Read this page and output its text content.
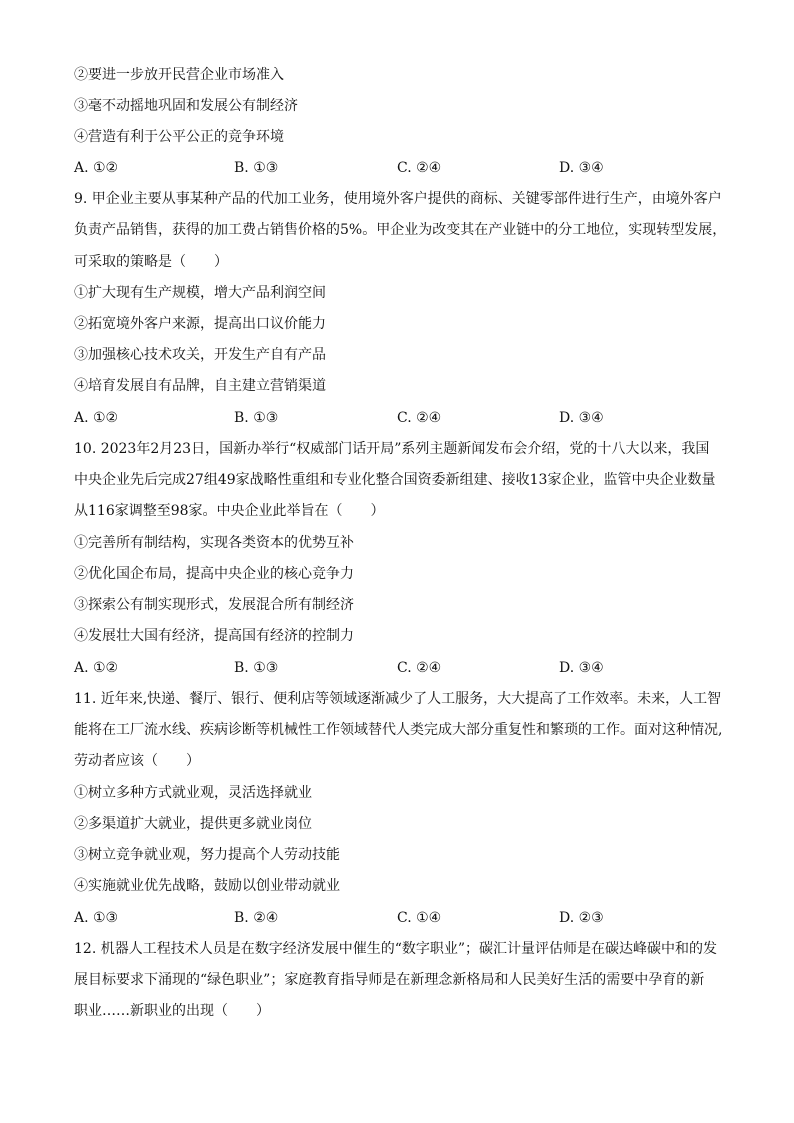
②要进一步放开民营企业市场准入
③毫不动摇地巩固和发展公有制经济
④营造有利于公平公正的竞争环境
A. ①②	B. ①③	C. ②④	D. ③④
9. 甲企业主要从事某种产品的代加工业务，使用境外客户提供的商标、关键零部件进行生产，由境外客户
负责产品销售，获得的加工费占销售价格的5%。甲企业为改变其在产业链中的分工地位，实现转型发展，
可采取的策略是（　　）
①扩大现有生产规模，增大产品利润空间
②拓宽境外客户来源，提高出口议价能力
③加强核心技术攻关，开发生产自有产品
④培育发展自有品牌，自主建立营销渠道
A. ①②	B. ①③	C. ②④	D. ③④
10. 2023年2月23日，国新办举行“权威部门话开局”系列主题新闻发布会介绍，党的十八大以来，我国
中央企业先后完成27组49家战略性重组和专业化整合国资委新组建、接收13家企业，监管中央企业数量
从116家调整至98家。中央企业此举旨在（　　）
①完善所有制结构，实现各类资本的优势互补
②优化国企布局，提高中央企业的核心竞争力
③探索公有制实现形式，发展混合所有制经济
④发展壮大国有经济，提高国有经济的控制力
A. ①②	B. ①③	C. ②④	D. ③④
11. 近年来,快递、餐厅、银行、便利店等领域逐渐减少了人工服务，大大提高了工作效率。未来，人工智
能将在工厂流水线、疾病诊断等机械性工作领域替代人类完成大部分重复性和繁琐的工作。面对这种情况,
劳动者应该（　　）
①树立多种方式就业观，灵活选择就业
②多渠道扩大就业，提供更多就业岗位
③树立竞争就业观，努力提高个人劳动技能
④实施就业优先战略，鼓励以创业带动就业
A. ①③	B. ②④	C. ①④	D. ②③
12. 机器人工程技术人员是在数字经济发展中催生的“数字职业”；碳汇计量评估师是在碳达峰碳中和的发
展目标要求下涌现的“绿色职业”；家庭教育指导师是在新理念新格局和人民美好生活的需要中孕育的新
职业……新职业的出现（　　）
